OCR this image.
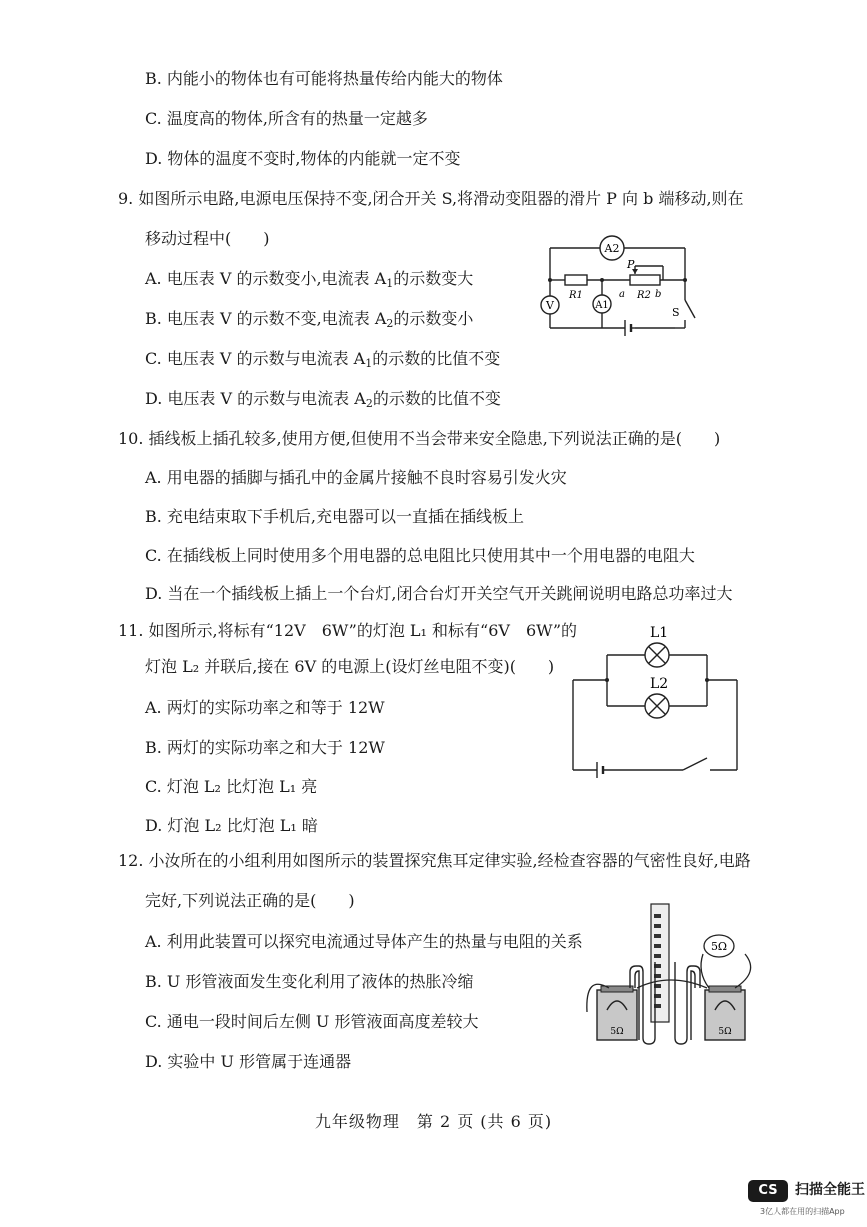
B. 内能小的物体也有可能将热量传给内能大的物体
C. 温度高的物体,所含有的热量一定越多
D. 物体的温度不变时,物体的内能就一定不变
9. 如图所示电路,电源电压保持不变,闭合开关 S,将滑动变阻器的滑片 P 向 b 端移动,则在
移动过程中(　　)
A. 电压表 V 的示数变小,电流表 $A_1$的示数变大
B. 电压表 V 的示数不变,电流表 $A_2$的示数变小
C. 电压表 V 的示数与电流表 $A_1$的示数的比值不变
D. 电压表 V 的示数与电流表 $A_2$的示数的比值不变
A2
V	A1
P
R1	R2
a	b
S
10. 插线板上插孔较多,使用方便,但使用不当会带来安全隐患,下列说法正确的是(　　)
A. 用电器的插脚与插孔中的金属片接触不良时容易引发火灾
B. 充电结束取下手机后,充电器可以一直插在插线板上
C. 在插线板上同时使用多个用电器的总电阻比只使用其中一个用电器的电阻大
D. 当在一个插线板上插上一个台灯,闭合台灯开关空气开关跳闸说明电路总功率过大
11. 如图所示,将标有“12V　6W”的灯泡 L₁ 和标有“6V　6W”的
灯泡 L₂ 并联后,接在 6V 的电源上(设灯丝电阻不变)(　　)
A. 两灯的实际功率之和等于 12W
B. 两灯的实际功率之和大于 12W
C. 灯泡 L₂ 比灯泡 L₁ 亮
D. 灯泡 L₂ 比灯泡 L₁ 暗
L1
L2
12. 小汝所在的小组利用如图所示的装置探究焦耳定律实验,经检查容器的气密性良好,电路
完好,下列说法正确的是(　　)
A. 利用此装置可以探究电流通过导体产生的热量与电阻的关系
B. U 形管液面发生变化利用了液体的热胀冷缩
C. 通电一段时间后左侧 U 形管液面高度差较大
D. 实验中 U 形管属于连通器
5Ω
5Ω	5Ω
九年级物理　第 2 页 (共 6 页)
CS	扫描全能王
3亿人都在用的扫描App
